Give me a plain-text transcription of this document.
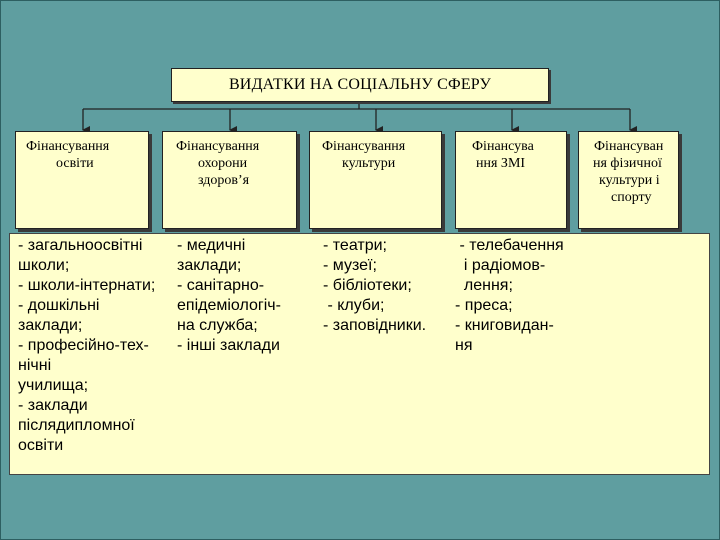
ВИДАТКИ НА СОЦІАЛЬНУ СФЕРУ
Фінансування
освіти
Фінансування
охорони
здоров’я
Фінансування
культури
Фінансува
ння ЗМІ
Фінансуван
ня фізичної
культури і
спорту
- загальноосвітні
школи;
- школи-інтернати;
- дошкільні
заклади;
- професійно-тех-
нічні
училища;
- заклади
післядипломної
освіти
- медичні
заклади;
- санітарно-
епідеміологіч-
на служба;
- інші заклади
- театри;
- музеї;
- бібліотеки;
- клуби;
- заповідники.
- телебачення
і радіомов-
лення;
- преса;
- книговидан-
ня
